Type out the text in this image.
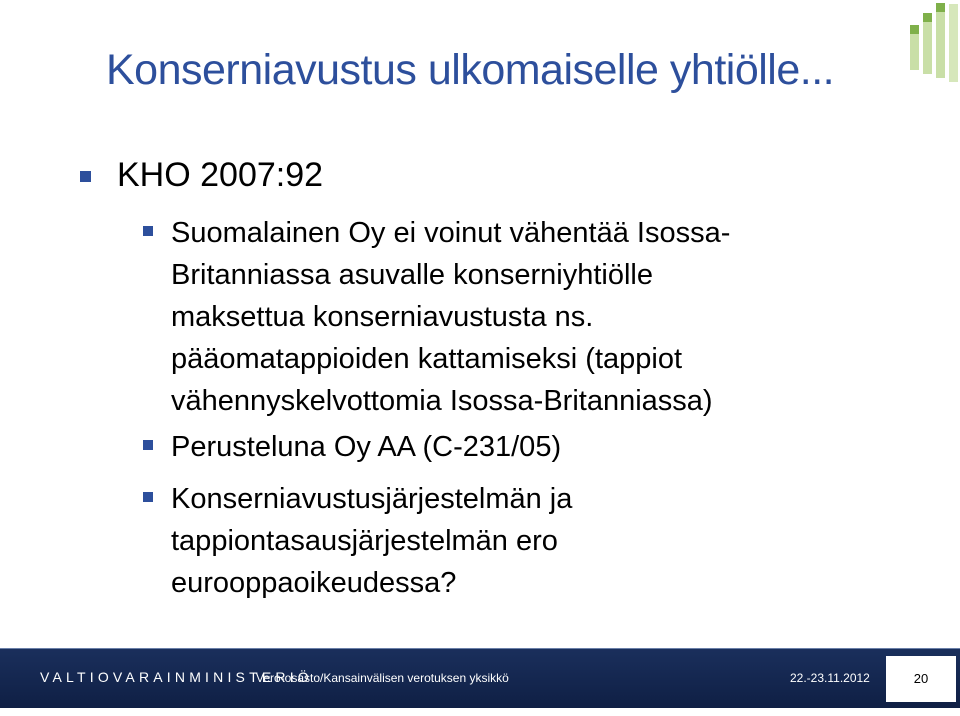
Konserniavustus ulkomaiselle yhtiölle...
KHO 2007:92
Suomalainen Oy ei voinut vähentää Isossa-
Britanniassa asuvalle konserniyhtiölle
maksettua konserniavustusta ns.
pääomatappioiden kattamiseksi (tappiot
vähennyskelvottomia Isossa-Britanniassa)
Perusteluna Oy AA (C-231/05)
Konserniavustusjärjestelmän ja
tappiontasausjärjestelmän ero
eurooppaoikeudessa?
VALTIOVARAINMINISTERIÖ
Vero-osasto/Kansainvälisen verotuksen yksikkö	22.-23.11.2012	20
